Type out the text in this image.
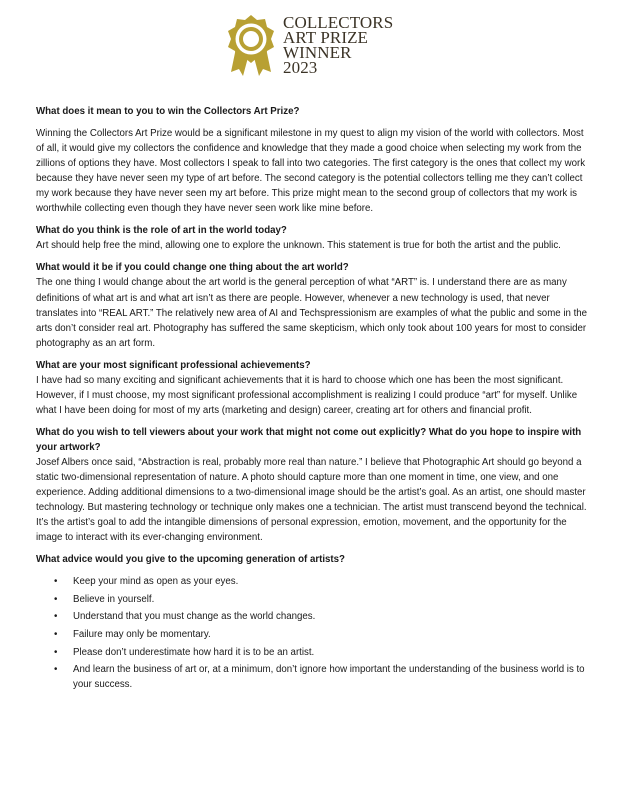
COLLECTORS
ART PRIZE
WINNER
2023

What does it mean to you to win the Collectors Art Prize?

Winning the Collectors Art Prize would be a significant milestone in my quest to align my vision of the world with collectors. Most of all, it would give my collectors the confidence and knowledge that they made a good choice when selecting my work from the zillions of options they have. Most collectors I speak to fall into two categories. The first category is the ones that collect my work because they have never seen my type of art before. The second category is the potential collectors telling me they can’t collect my work because they have never seen my art before. This prize might mean to the second group of collectors that my work is worthwhile collecting even though they have never seen work like mine before.

What do you think is the role of art in the world today?

Art should help free the mind, allowing one to explore the unknown. This statement is true for both the artist and the public.

What would it be if you could change one thing about the art world?

The one thing I would change about the art world is the general perception of what “ART” is. I understand there are as many definitions of what art is and what art isn’t as there are people. However, whenever a new technology is used, that never translates into “REAL ART.” The relatively new area of AI and Techspressionism are examples of what the public and some in the arts don’t consider real art. Photography has suffered the same skepticism, which only took about 100 years for most to consider photography as an art form.

What are your most significant professional achievements?

I have had so many exciting and significant achievements that it is hard to choose which one has been the most significant. However, if I must choose, my most significant professional accomplishment is realizing I could produce “art” for myself. Unlike what I have been doing for most of my arts (marketing and design) career, creating art for others and financial profit.

What do you wish to tell viewers about your work that might not come out explicitly? What do you hope to inspire with your artwork?

Josef Albers once said, “Abstraction is real, probably more real than nature.” I believe that Photographic Art should go beyond a static two-dimensional representation of nature. A photo should capture more than one moment in time, one view, and one experience. Adding additional dimensions to a two-dimensional image should be the artist’s goal. As an artist, one should master technology. But mastering technology or technique only makes one a technician. The artist must transcend beyond the technical. It’s the artist’s goal to add the intangible dimensions of personal expression, emotion, movement, and the opportunity for the image to interact with its ever-changing environment.

What advice would you give to the upcoming generation of artists?

• Keep your mind as open as your eyes.
• Believe in yourself.
• Understand that you must change as the world changes.
• Failure may only be momentary.
• Please don’t underestimate how hard it is to be an artist.
• And learn the business of art or, at a minimum, don’t ignore how important the understanding of the business world is to your success.
